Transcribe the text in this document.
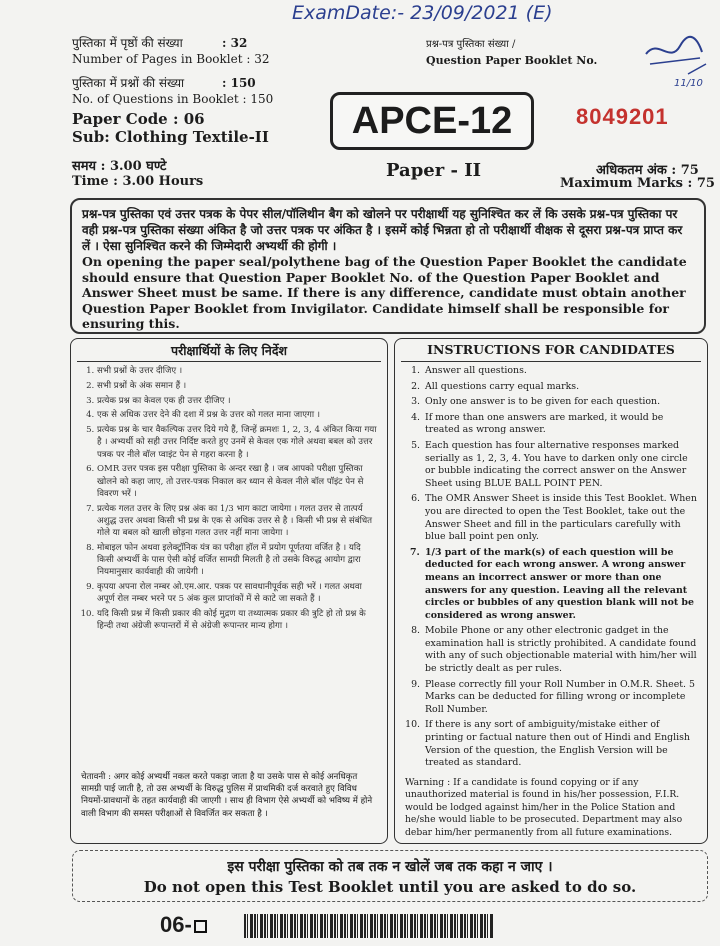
ExamDate:- 23/09/2021 (E)
11/10
पुस्तिका में पृष्ठों की संख्या	: 32
Number of Pages in Booklet : 32
पुस्तिका में प्रश्नों की संख्या	: 150
No. of Questions in Booklet : 150
Paper Code : 06
Sub: Clothing Textile-II
समय : 3.00 घण्टे
Time : 3.00 Hours
प्रश्न-पत्र पुस्तिका संख्या /
Question Paper Booklet No.
APCE-12	8049201
Paper - II	अधिकतम अंक : 75
Maximum Marks : 75
प्रश्न-पत्र पुस्तिका एवं उत्तर पत्रक के पेपर सील/पॉलिथीन बैग को खोलने पर परीक्षार्थी यह सुनिश्चित कर लें कि उसके प्रश्न-पत्र पुस्तिका पर वही प्रश्न-पत्र पुस्तिका संख्या अंकित है जो उत्तर पत्रक पर अंकित है । इसमें कोई भिन्नता हो तो परीक्षार्थी वीक्षक से दूसरा प्रश्न-पत्र प्राप्त कर लें । ऐसा सुनिश्चित करने की जिम्मेदारी अभ्यर्थी की होगी ।
On opening the paper seal/polythene bag of the Question Paper Booklet the candidate should ensure that Question Paper Booklet No. of the Question Paper Booklet and Answer Sheet must be same. If there is any difference, candidate must obtain another Question Paper Booklet from Invigilator. Candidate himself shall be responsible for ensuring this.
परीक्षार्थियों के लिए निर्देश
1. सभी प्रश्नों के उत्तर दीजिए ।
2. सभी प्रश्नों के अंक समान हैं ।
3. प्रत्येक प्रश्न का केवल एक ही उत्तर दीजिए ।
4. एक से अधिक उत्तर देने की दशा में प्रश्न के उत्तर को गलत माना जाएगा ।
5. प्रत्येक प्रश्न के चार वैकल्पिक उत्तर दिये गये हैं, जिन्हें क्रमशः 1, 2, 3, 4 अंकित किया गया है । अभ्यर्थी को सही उत्तर निर्दिष्ट करते हुए उनमें से केवल एक गोले अथवा बबल को उत्तर पत्रक पर नीले बॉल प्वाइंट पेन से गहरा करना है ।
6. OMR उत्तर पत्रक इस परीक्षा पुस्तिका के अन्दर रखा है । जब आपको परीक्षा पुस्तिका खोलने को कहा जाए, तो उत्तर-पत्रक निकाल कर ध्यान से केवल नीले बॉल पॉइंट पेन से विवरण भरें ।
7. प्रत्येक गलत उत्तर के लिए प्रश्न अंक का 1/3 भाग काटा जायेगा । गलत उत्तर से तात्पर्य अशुद्ध उत्तर अथवा किसी भी प्रश्न के एक से अधिक उत्तर से है । किसी भी प्रश्न से संबंधित गोले या बबल को खाली छोड़ना गलत उत्तर नहीं माना जायेगा ।
8. मोबाइल फोन अथवा इलेक्ट्रॉनिक यंत्र का परीक्षा हॉल में प्रयोग पूर्णतया वर्जित है । यदि किसी अभ्यर्थी के पास ऐसी कोई वर्जित सामग्री मिलती है तो उसके विरुद्ध आयोग द्वारा नियमानुसार कार्यवाही की जायेगी ।
9. कृपया अपना रोल नम्बर ओ.एम.आर. पत्रक पर सावधानीपूर्वक सही भरें । गलत अथवा अपूर्ण रोल नम्बर भरने पर 5 अंक कुल प्राप्तांकों में से काटे जा सकते हैं ।
10. यदि किसी प्रश्न में किसी प्रकार की कोई मुद्रण या तथ्यात्मक प्रकार की त्रुटि हो तो प्रश्न के हिन्दी तथा अंग्रेजी रूपान्तरों में से अंग्रेजी रूपान्तर मान्य होगा ।
चेतावनी : अगर कोई अभ्यर्थी नकल करते पकड़ा जाता है या उसके पास से कोई अनधिकृत सामग्री पाई जाती है, तो उस अभ्यर्थी के विरुद्ध पुलिस में प्राथमिकी दर्ज करवाते हुए विविध नियमों-प्रावधानों के तहत कार्यवाही की जाएगी । साथ ही विभाग ऐसे अभ्यर्थी को भविष्य में होने वाली विभाग की समस्त परीक्षाओं से विवर्जित कर सकता है ।
INSTRUCTIONS FOR CANDIDATES
1. Answer all questions.
2. All questions carry equal marks.
3. Only one answer is to be given for each question.
4. If more than one answers are marked, it would be treated as wrong answer.
5. Each question has four alternative responses marked serially as 1, 2, 3, 4. You have to darken only one circle or bubble indicating the correct answer on the Answer Sheet using BLUE BALL POINT PEN.
6. The OMR Answer Sheet is inside this Test Booklet. When you are directed to open the Test Booklet, take out the Answer Sheet and fill in the particulars carefully with blue ball point pen only.
7. 1/3 part of the mark(s) of each question will be deducted for each wrong answer. A wrong answer means an incorrect answer or more than one answers for any question. Leaving all the relevant circles or bubbles of any question blank will not be considered as wrong answer.
8. Mobile Phone or any other electronic gadget in the examination hall is strictly prohibited. A candidate found with any of such objectionable material with him/her will be strictly dealt as per rules.
9. Please correctly fill your Roll Number in O.M.R. Sheet. 5 Marks can be deducted for filling wrong or incomplete Roll Number.
10. If there is any sort of ambiguity/mistake either of printing or factual nature then out of Hindi and English Version of the question, the English Version will be treated as standard.
Warning : If a candidate is found copying or if any unauthorized material is found in his/her possession, F.I.R. would be lodged against him/her in the Police Station and he/she would liable to be prosecuted. Department may also debar him/her permanently from all future examinations.
इस परीक्षा पुस्तिका को तब तक न खोलें जब तक कहा न जाए ।
Do not open this Test Booklet until you are asked to do so.
06-
